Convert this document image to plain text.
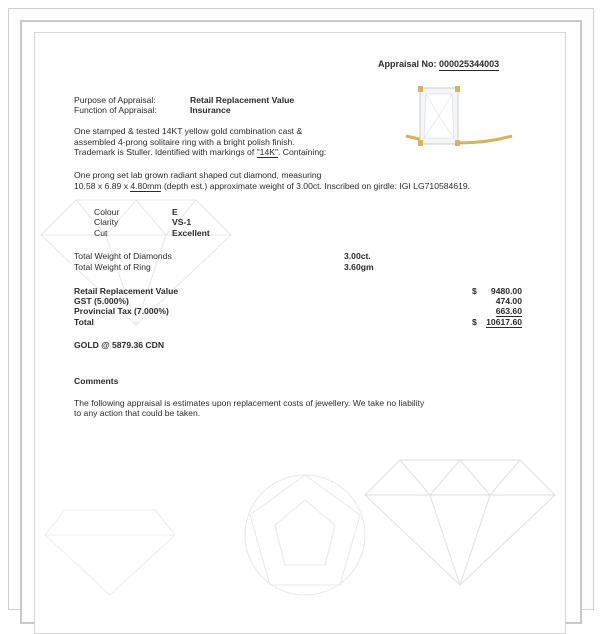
Appraisal No: 000025344003
Purpose of Appraisal:	Retail Replacement Value
Function of Appraisal:	Insurance
One stamped & tested 14KT yellow gold combination cast &
assembled 4-prong solitaire ring with a bright polish finish.
Trademark is Stuller. Identified with markings of "14K". Containing:
One prong set lab grown radiant shaped cut diamond, measuring
10.58 x 6.89 x 4.80mm (depth est.) approximate weight of 3.00ct. Inscribed on girdle: IGI LG710584619.
Colour	E
Clarity	VS-1
Cut	Excellent
Total Weight of Diamonds	3.00ct.
Total Weight of Ring	3.60gm
Retail Replacement Value	$ 9480.00
GST (5.000%)	474.00
Provincial Tax (7.000%)	663.60
Total	$ 10617.60
GOLD @ 5879.36 CDN
Comments
The following appraisal is estimates upon replacement costs of jewellery. We take no liability
to any action that could be taken.
